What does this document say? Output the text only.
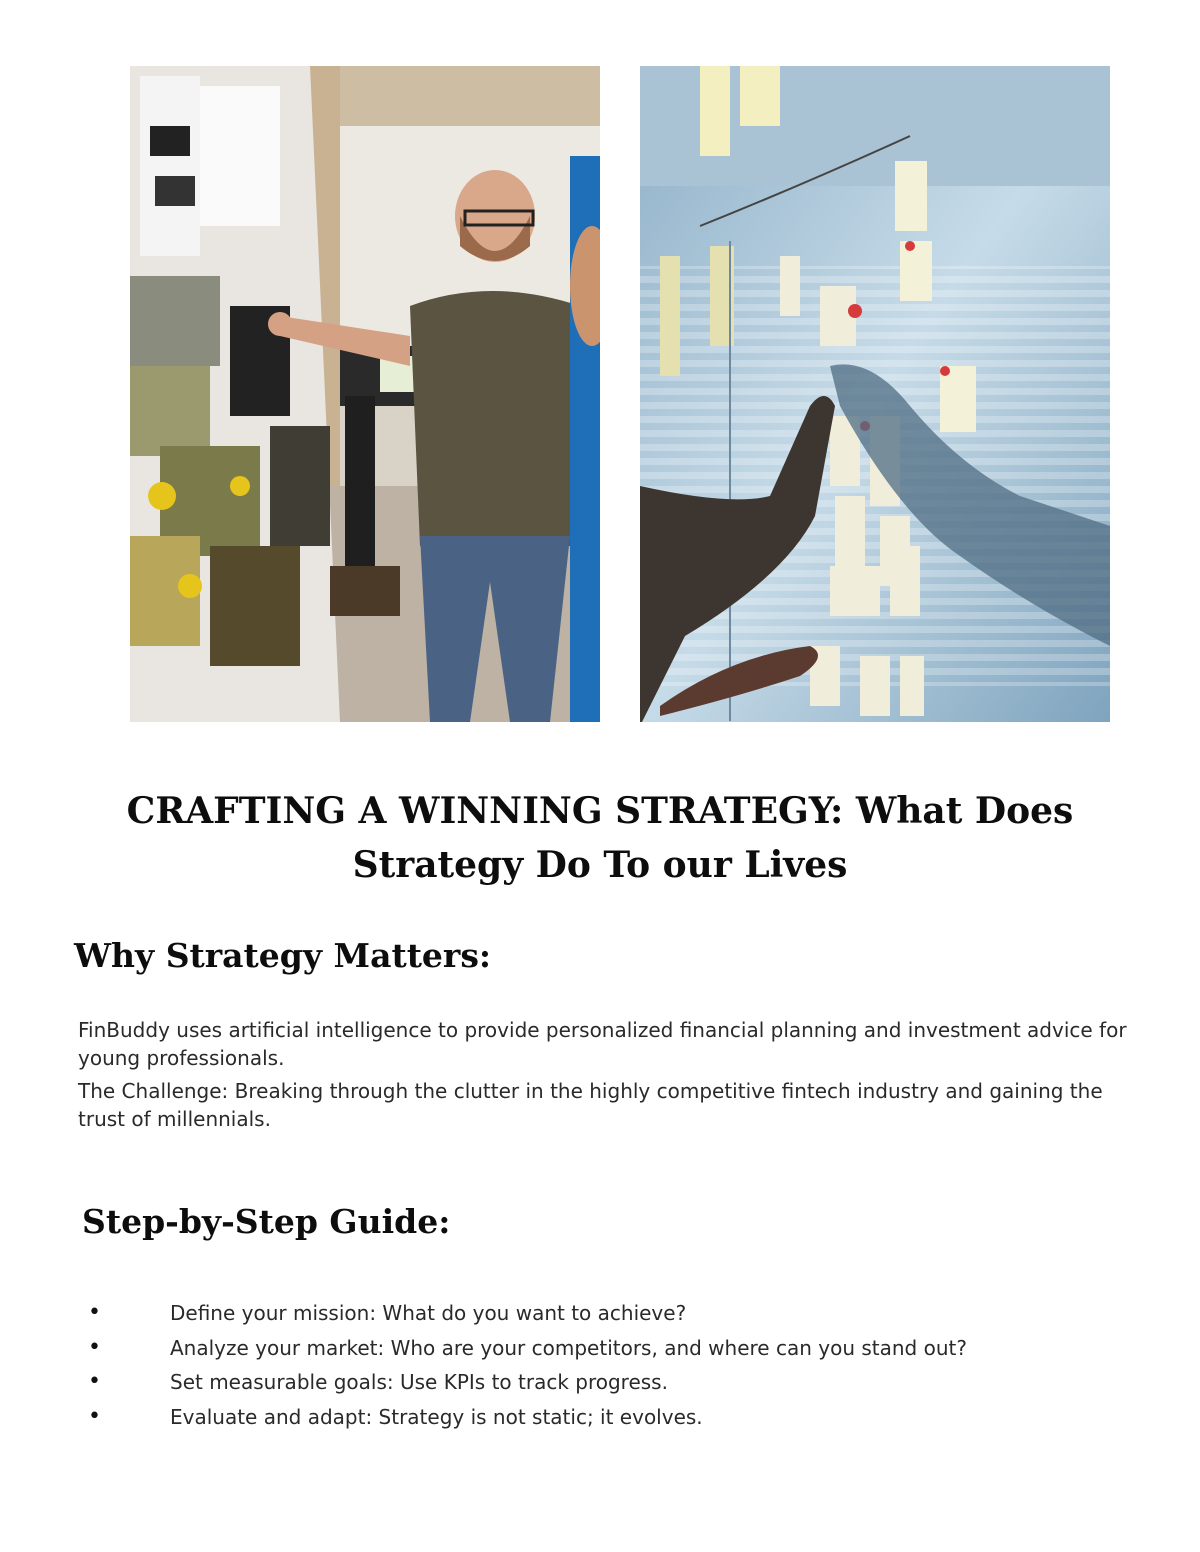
CRAFTING A WINNING STRATEGY: What Does
Strategy Do To our Lives
Why Strategy Matters:

FinBuddy uses artificial intelligence to provide personalized financial planning and investment advice for young professionals.

The Challenge: Breaking through the clutter in the highly competitive fintech industry and gaining the trust of millennials.

Step-by-Step Guide:
•	Define your mission: What do you want to achieve?
•	Analyze your market: Who are your competitors, and where can you stand out?
•	Set measurable goals: Use KPIs to track progress.
•	Evaluate and adapt: Strategy is not static; it evolves.
